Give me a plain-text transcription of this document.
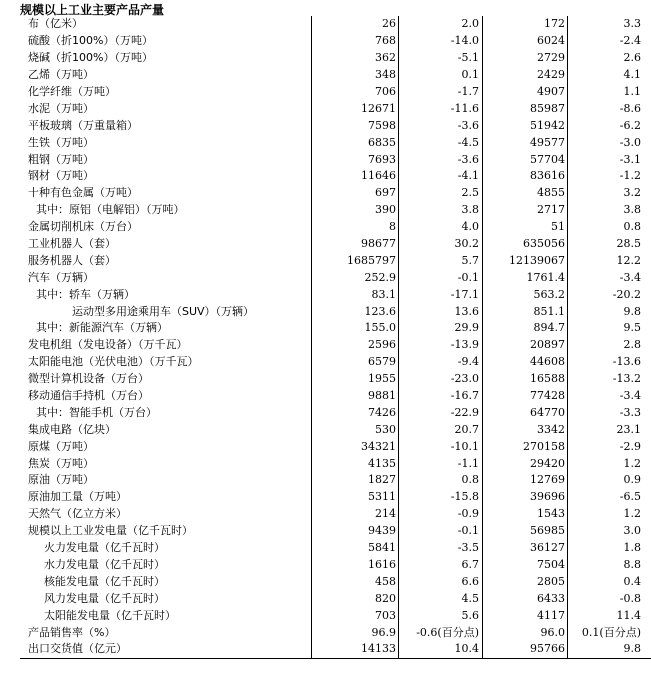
规模以上工业主要产品产量
布（亿米）	26	2.0	172	3.3
硫酸（折100%）（万吨）	768	-14.0	6024	-2.4
烧碱（折100%）（万吨）	362	-5.1	2729	2.6
乙烯（万吨）	348	0.1	2429	4.1
化学纤维（万吨）	706	-1.7	4907	1.1
水泥（万吨）	12671	-11.6	85987	-8.6
平板玻璃（万重量箱）	7598	-3.6	51942	-6.2
生铁（万吨）	6835	-4.5	49577	-3.0
粗钢（万吨）	7693	-3.6	57704	-3.1
钢材（万吨）	11646	-4.1	83616	-1.2
十种有色金属（万吨）	697	2.5	4855	3.2
其中：原铝（电解铝）（万吨）	390	3.8	2717	3.8
金属切削机床（万台）	8	4.0	51	0.8
工业机器人（套）	98677	30.2	635056	28.5
服务机器人（套）	1685797	5.7	12139067	12.2
汽车（万辆）	252.9	-0.1	1761.4	-3.4
其中：轿车（万辆）	83.1	-17.1	563.2	-20.2
运动型多用途乘用车（SUV）（万辆）	123.6	13.6	851.1	9.8
其中：新能源汽车（万辆）	155.0	29.9	894.7	9.5
发电机组（发电设备）（万千瓦）	2596	-13.9	20897	2.8
太阳能电池（光伏电池）（万千瓦）	6579	-9.4	44608	-13.6
微型计算机设备（万台）	1955	-23.0	16588	-13.2
移动通信手持机（万台）	9881	-16.7	77428	-3.4
其中：智能手机（万台）	7426	-22.9	64770	-3.3
集成电路（亿块）	530	20.7	3342	23.1
原煤（万吨）	34321	-10.1	270158	-2.9
焦炭（万吨）	4135	-1.1	29420	1.2
原油（万吨）	1827	0.8	12769	0.9
原油加工量（万吨）	5311	-15.8	39696	-6.5
天然气（亿立方米）	214	-0.9	1543	1.2
规模以上工业发电量（亿千瓦时）	9439	-0.1	56985	3.0
火力发电量（亿千瓦时）	5841	-3.5	36127	1.8
水力发电量（亿千瓦时）	1616	6.7	7504	8.8
核能发电量（亿千瓦时）	458	6.6	2805	0.4
风力发电量（亿千瓦时）	820	4.5	6433	-0.8
太阳能发电量（亿千瓦时）	703	5.6	4117	11.4
产品销售率（%）	96.9	-0.6(百分点)	96.0	0.1(百分点)
出口交货值（亿元）	14133	10.4	95766	9.8
